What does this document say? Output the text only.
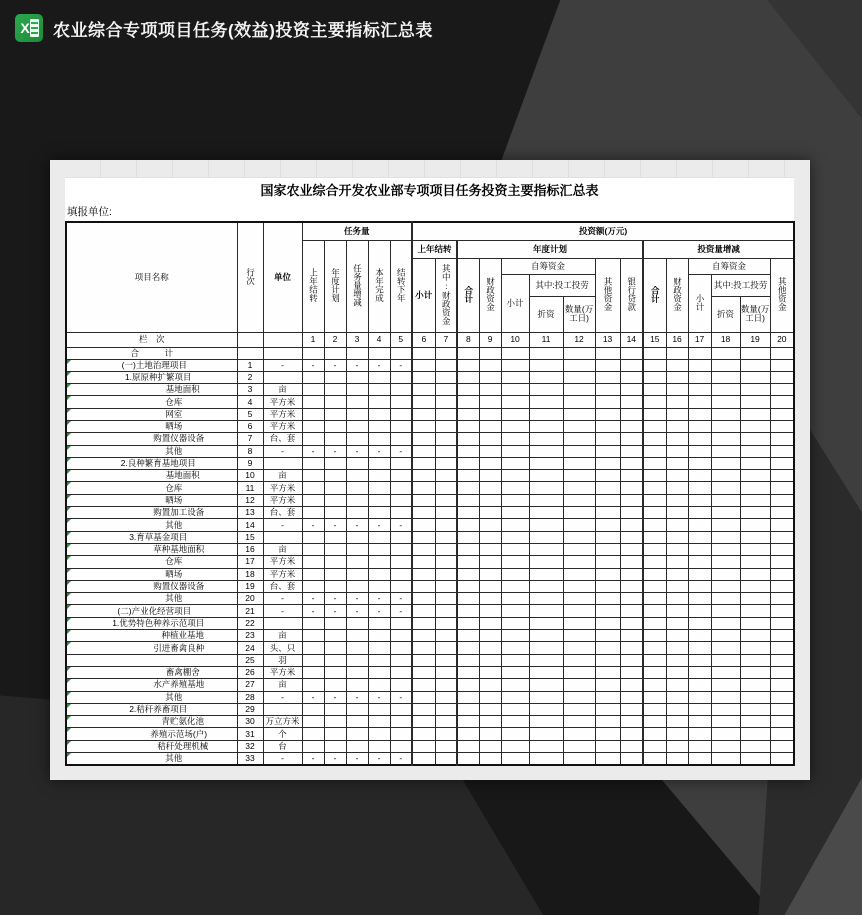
X 农业综合专项项目任务(效益)投资主要指标汇总表
国家农业综合开发农业部专项项目任务投资主要指标汇总表
填报单位:
项目名称	行次	单位	任务量					投资额(万元)														
			上年结转	年度计划	任务量增减	本年完成	结转下年	上年结转		年度计划							投资量增减					
								小计	其中:财政资金	合计	财政资金	自筹资金			其他资金	银行贷款	合计	财政资金	自筹资金			其他资金
												小计	其中:投工投劳						小计	其中:投工投劳		
													折资	数量(万工日)						折资	数量(万工日)	
栏　次			1	2	3	4	5	6	7	8	9	10	11	12	13	14	15	16	17	18	19	20
合　　　计																						

(一)土地治理项目	1	-	-	-	-	-	-															

1.原原种扩繁项目	2																					

基地面积	3	亩																				

仓库	4	平方米																				

网室	5	平方米																				

晒场	6	平方米																				

购置仪器设备	7	台、套																				

其他	8	-	-	-	-	-	-															

2.良种繁育基地项目	9																					

基地面积	10	亩																				

仓库	11	平方米																				

晒场	12	平方米																				

购置加工设备	13	台、套																				

其他	14	-	-	-	-	-	-															

3.育草基金项目	15																					

草种基地面积	16	亩																				

仓库	17	平方米																				

晒场	18	平方米																				

购置仪器设备	19	台、套																				

其他	20	-	-	-	-	-	-															

(二)产业化经营项目	21	-	-	-	-	-	-															

1.优势特色种养示范项目	22																					

种植业基地	23	亩																				

引进畜禽良种	24	头、只																				
	25	羽																				

畜禽棚舍	26	平方米																				

水产养殖基地	27	亩																				

其他	28	-	-	-	-	-	-															

2.秸秆养畜项目	29																					

青贮氨化池	30	万立方米																				

养殖示范场(户)	31	个																				

秸秆处理机械	32	台																				

其他	33	-	-	-	-	-	-															
